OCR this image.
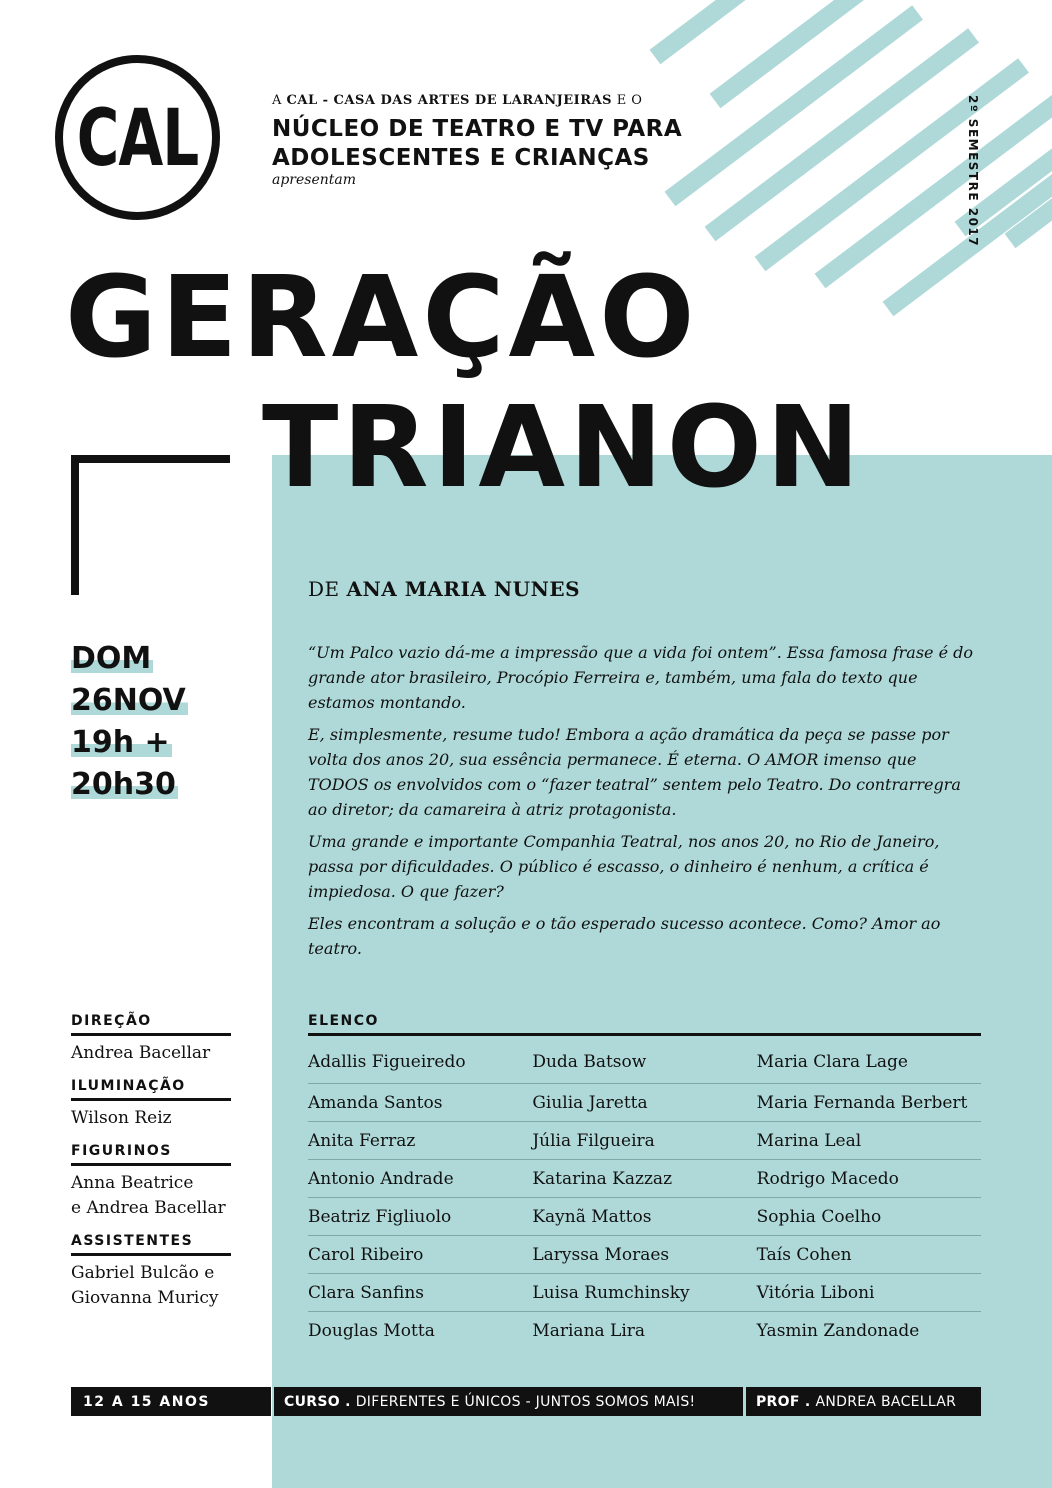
CAL	A CAL - CASA DAS ARTES DE LARANJEIRAS E O
NÚCLEO DE TEATRO E TV PARA ADOLESCENTES E CRIANÇAS
apresentam	2º SEMESTRE 2017
GERAÇÃO
TRIANON
DE ANA MARIA NUNES
DOM
26NOV
19h +
20h30

“Um Palco vazio dá-me a impressão que a vida foi ontem”. Essa famosa frase é do grande ator brasileiro, Procópio Ferreira e, também, uma fala do texto que estamos montando.

E, simplesmente, resume tudo! Embora a ação dramática da peça se passe por volta dos anos 20, sua essência permanece. É eterna. O AMOR imenso que TODOS os envolvidos com o “fazer teatral” sentem pelo Teatro. Do contrarregra ao diretor; da camareira à atriz protagonista.

Uma grande e importante Companhia Teatral, nos anos 20, no Rio de Janeiro, passa por dificuldades. O público é escasso, o dinheiro é nenhum, a crítica é impiedosa. O que fazer?

Eles encontram a solução e o tão esperado sucesso acontece. Como? Amor ao teatro.

DIREÇÃO
Andrea Bacellar
ILUMINAÇÃO
Wilson Reiz
FIGURINOS
Anna Beatrice
e Andrea Bacellar
ASSISTENTES
Gabriel Bulcão e
Giovanna Muricy
ELENCO
Adallis Figueiredo	Duda Batsow	Maria Clara Lage
Amanda Santos	Giulia Jaretta	Maria Fernanda Berbert
Anita Ferraz	Júlia Filgueira	Marina Leal
Antonio Andrade	Katarina Kazzaz	Rodrigo Macedo
Beatriz Figliuolo	Kaynã Mattos	Sophia Coelho
Carol Ribeiro	Laryssa Moraes	Taís Cohen
Clara Sanfins	Luisa Rumchinsky	Vitória Liboni
Douglas Motta	Mariana Lira	Yasmin Zandonade
12 A 15 ANOS	CURSO . DIFERENTES E ÚNICOS - JUNTOS SOMOS MAIS!	PROF . ANDREA BACELLAR
